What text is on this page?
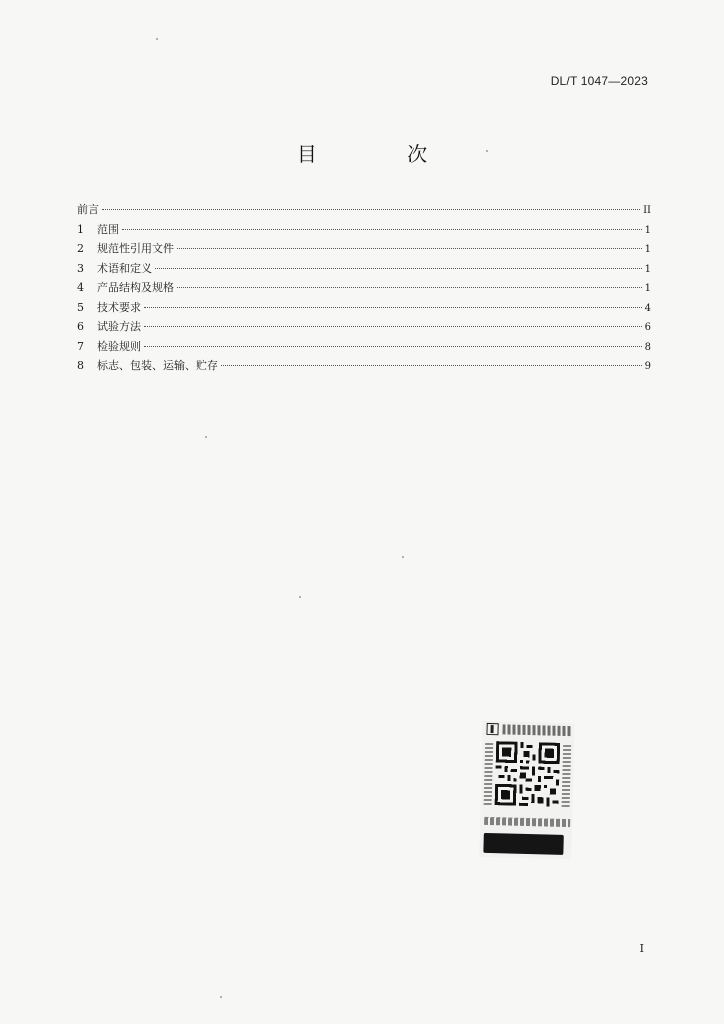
DL/T 1047—2023
目 次
前言	II
1	范围	1
2	规范性引用文件	1
3	术语和定义	1
4	产品结构及规格	1
5	技术要求	4
6	试验方法	6
7	检验规则	8
8	标志、包装、运输、贮存	9
I
